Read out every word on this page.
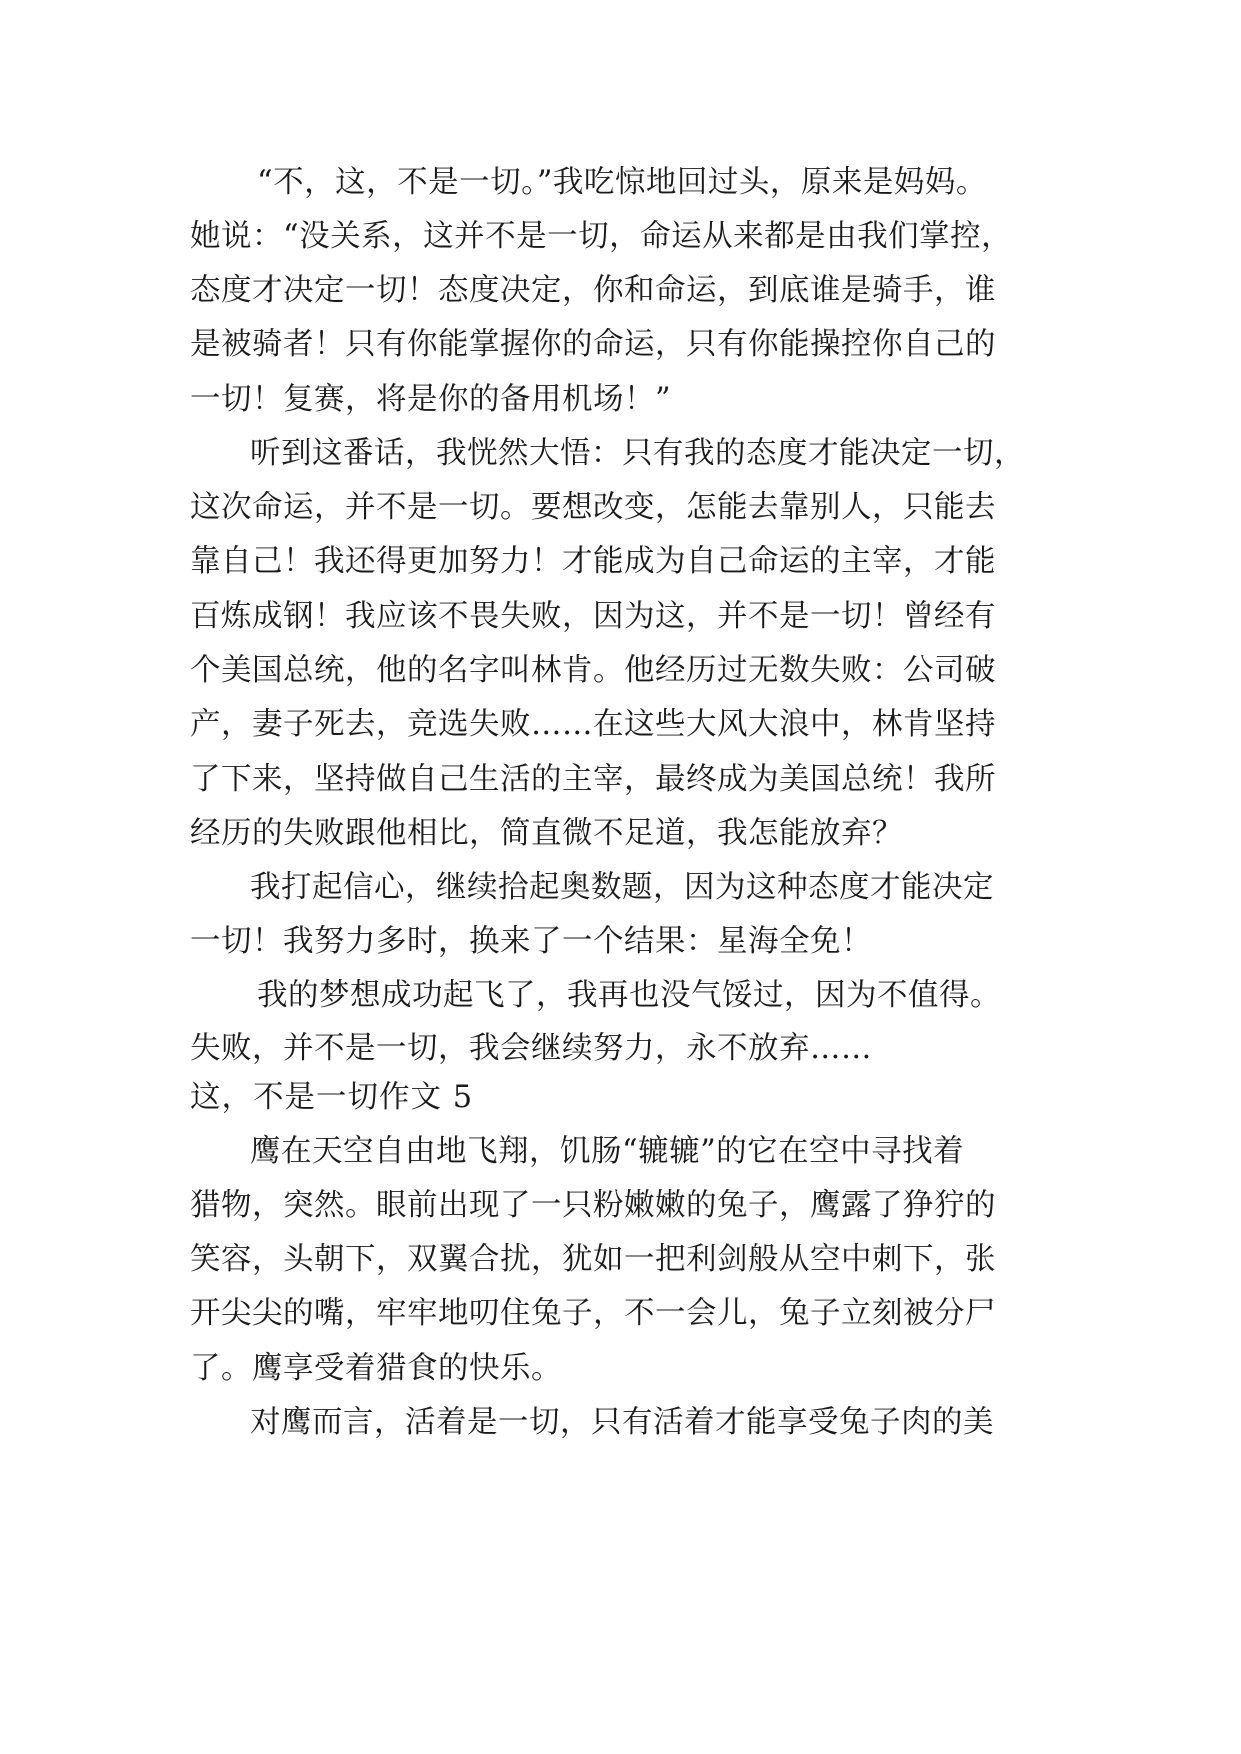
“不，这，不是一切。”我吃惊地回过头，原来是妈妈。
她说：“没关系，这并不是一切，命运从来都是由我们掌控，
态度才决定一切！态度决定，你和命运，到底谁是骑手，谁
是被骑者！只有你能掌握你的命运，只有你能操控你自己的
一切！复赛，将是你的备用机场！”
听到这番话，我恍然大悟：只有我的态度才能决定一切，
这次命运，并不是一切。要想改变，怎能去靠别人，只能去
靠自己！我还得更加努力！才能成为自己命运的主宰，才能
百炼成钢！我应该不畏失败，因为这，并不是一切！曾经有
个美国总统，他的名字叫林肯。他经历过无数失败：公司破
产，妻子死去，竞选失败……在这些大风大浪中，林肯坚持
了下来，坚持做自己生活的主宰，最终成为美国总统！我所
经历的失败跟他相比，简直微不足道，我怎能放弃？
我打起信心，继续拾起奥数题，因为这种态度才能决定
一切！我努力多时，换来了一个结果：星海全免！
我的梦想成功起飞了，我再也没气馁过，因为不值得。
失败，并不是一切，我会继续努力，永不放弃……
这，不是一切作文 5
鹰在天空自由地飞翔，饥肠“辘辘”的它在空中寻找着
猎物，突然。眼前出现了一只粉嫩嫩的兔子，鹰露了狰狞的
笑容，头朝下，双翼合扰，犹如一把利剑般从空中刺下，张
开尖尖的嘴，牢牢地叨住兔子，不一会儿，兔子立刻被分尸
了。鹰享受着猎食的快乐。
对鹰而言，活着是一切，只有活着才能享受兔子肉的美
